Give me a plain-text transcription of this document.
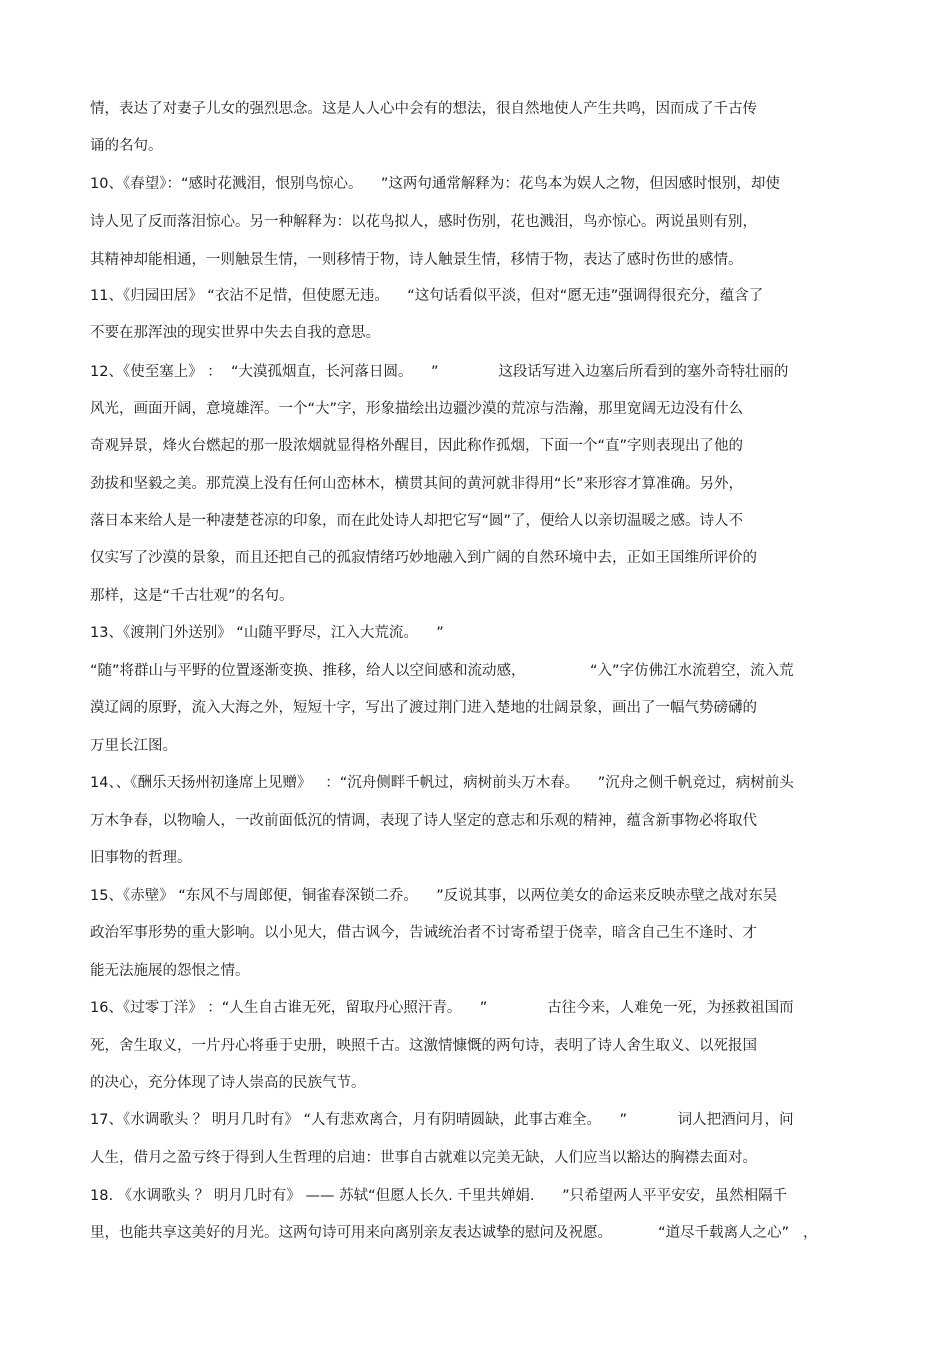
情，表达了对妻子儿女的强烈思念。这是人人心中会有的想法，很自然地使人产生共鸣，因而成了千古传
诵的名句。
10、《春望》：“感时花溅泪，恨别鸟惊心。    ”这两句通常解释为：花鸟本为娱人之物，但因感时恨别，却使
诗人见了反而落泪惊心。另一种解释为：以花鸟拟人，感时伤别，花也溅泪，鸟亦惊心。两说虽则有别，
其精神却能相通，一则触景生情，一则移情于物，诗人触景生情，移情于物，表达了感时伤世的感情。
11、《归园田居》 “衣沾不足惜，但使愿无违。    “这句话看似平淡，但对“愿无违”强调得很充分，蕴含了
不要在那浑浊的现实世界中失去自我的意思。
12、《使至塞上》 ：  “大漠孤烟直，长河落日圆。    ”             这段话写进入边塞后所看到的塞外奇特壮丽的
风光，画面开阔，意境雄浑。一个“大”字，形象描绘出边疆沙漠的荒凉与浩瀚，那里宽阔无边没有什么
奇观异景，烽火台燃起的那一股浓烟就显得格外醒目，因此称作孤烟，下面一个“直”字则表现出了他的
劲拔和坚毅之美。那荒漠上没有任何山峦林木，横贯其间的黄河就非得用“长”来形容才算准确。另外，
落日本来给人是一种凄楚苍凉的印象，而在此处诗人却把它写“圆”了，便给人以亲切温暖之感。诗人不
仅实写了沙漠的景象，而且还把自己的孤寂情绪巧妙地融入到广阔的自然环境中去，正如王国维所评价的
那样，这是“千古壮观”的名句。
13、《渡荆门外送别》 “山随平野尽，江入大荒流。    ”
“随”将群山与平野的位置逐渐变换、推移，给人以空间感和流动感，              “入”字仿佛江水流碧空，流入荒
漠辽阔的原野，流入大海之外，短短十字，写出了渡过荆门进入楚地的壮阔景象，画出了一幅气势磅礴的
万里长江图。
14、、《酬乐天扬州初逢席上见赠》   ：“沉舟侧畔千帆过，病树前头万木春。    ”沉舟之侧千帆竞过，病树前头
万木争春，以物喻人，一改前面低沉的情调，表现了诗人坚定的意志和乐观的精神，蕴含新事物必将取代
旧事物的哲理。
15、《赤壁》 “东风不与周郎便，铜雀春深锁二乔。    ”反说其事，以两位美女的命运来反映赤壁之战对东吴
政治军事形势的重大影响。以小见大，借古讽今，告诫统治者不讨寄希望于侥幸，暗含自己生不逢时、才
能无法施展的怨恨之情。
16、《过零丁洋》 ：“人生自古谁无死，留取丹心照汗青。    ”             古往今来，人难免一死，为拯救祖国而
死，舍生取义，一片丹心将垂于史册，映照千古。这激情慷慨的两句诗，表明了诗人舍生取义、以死报国
的决心，充分体现了诗人崇高的民族气节。
17、《水调歌头 ？ 明月几时有》 “人有悲欢离合，月有阴晴圆缺，此事古难全。    ”           词人把酒问月，问
人生，借月之盈亏终于得到人生哲理的启迪：世事自古就难以完美无缺，人们应当以豁达的胸襟去面对。
18. 《水调歌头 ？ 明月几时有》 —— 苏轼“但愿人长久. 千里共婵娟.      ”只希望两人平平安安，虽然相隔千
里，也能共享这美好的月光。这两句诗可用来向离别亲友表达诚挚的慰问及祝愿。          “道尽千载离人之心”   ，
